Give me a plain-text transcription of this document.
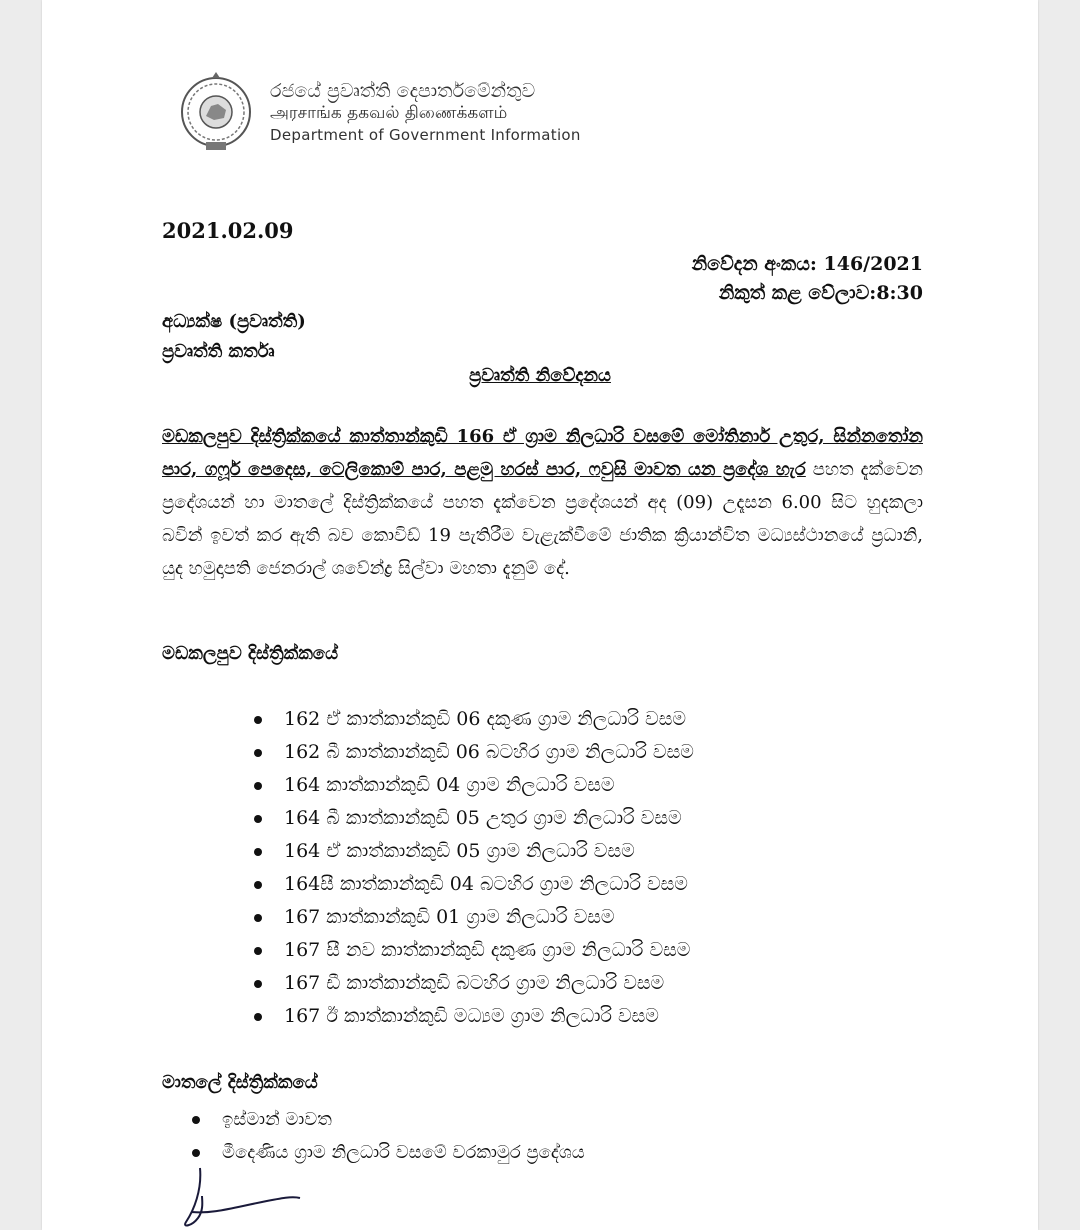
රජයේ ප්‍රවෘත්ති දෙපාර්තමේන්තුව
அரசாங்க தகவல் திணைக்களம்
Department of Government Information
2021.02.09
නිවේදන අංකය: 146/2021
නිකුත් කළ වේලාව:8:30
අධ්‍යක්ෂ (ප්‍රවෘත්ති)
ප්‍රවෘත්ති කර්තෘ
ප්‍රවෘත්ති නිවේදනය
මඩකලපුව දිස්ත්‍රික්කයේ කාත්තාන්කුඩි 166 ඒ ග්‍රාම නිලධාරි වසමේ මෝතිනාර් උතුර, සින්නතෝන පාර, ගෆූර් පෙදෙස, ටෙලිකොම් පාර, පළමු හරස් පාර, ෆවුසි මාවත යන ප්‍රදේශ හැර පහත දැක්වෙන ප්‍රදේශයන් හා මාතලේ දිස්ත්‍රික්කයේ පහත දැක්වෙන ප්‍රදේශයන් අද (09) උදෑසන 6.00 සිට හුදකලා බවින් ඉවත් කර ඇති බව කොවිඩ් 19 පැතිරීම වැළැක්වීමේ ජාතික ක්‍රියාන්විත මධ්‍යස්ථානයේ ප්‍රධානි, යුද හමුදාපති ජෙනරාල් ශවේන්ද්‍ර සිල්වා මහතා දැනුම් දේ.
මඩකලපුව දිස්ත්‍රික්කයේ
162 ඒ කාත්කාන්කුඩි 06 දකුණ ග්‍රාම නිලධාරි වසම
162 බී කාත්කාන්කුඩි 06 බටහිර ග්‍රාම නිලධාරි වසම
164 කාත්කාන්කුඩි 04 ග්‍රාම නිලධාරි වසම
164 බී කාත්කාන්කුඩි 05 උතුර ග්‍රාම නිලධාරි වසම
164 ඒ කාත්කාන්කුඩි 05 ග්‍රාම නිලධාරි වසම
164සී කාත්කාන්කුඩි 04 බටහිර ග්‍රාම නිලධාරි වසම
167 කාත්කාන්කුඩි 01 ග්‍රාම නිලධාරි වසම
167 සී නව කාත්කාන්කුඩි දකුණ ග්‍රාම නිලධාරි වසම
167 ඩී කාත්කාන්කුඩි බටහිර ග්‍රාම නිලධාරි වසම
167 ඊ කාත්කාන්කුඩි මධ්‍යම ග්‍රාම නිලධාරි වසම
මාතලේ දිස්ත්‍රික්කයේ
ඉස්මාන් මාවත
මීදෙණිය ග්‍රාම නිලධාරි වසමේ වරකාමුර ප්‍රදේශය
